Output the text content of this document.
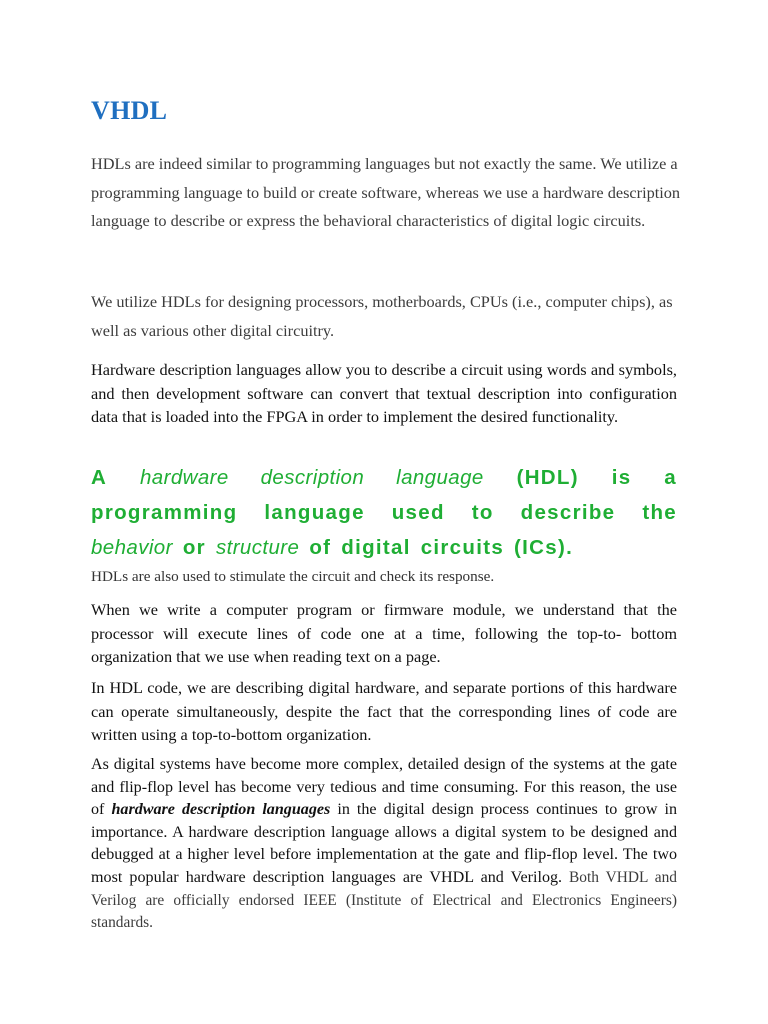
VHDL

HDLs are indeed similar to programming languages but not exactly the same. We utilize a programming language to build or create software, whereas we use a hardware description language to describe or express the behavioral characteristics of digital logic circuits.

We utilize HDLs for designing processors, motherboards, CPUs (i.e., computer chips), as well as various other digital circuitry.

Hardware description languages allow you to describe a circuit using words and symbols, and then development software can convert that textual description into configuration data that is loaded into the FPGA in order to implement the desired functionality.

A hardware description language (HDL) is a
programming language used to describe the
behavior or structure of digital circuits (ICs).

HDLs are also used to stimulate the circuit and check its response.

When we write a computer program or firmware module, we understand that the processor will execute lines of code one at a time, following the top-to- bottom organization that we use when reading text on a page.

In HDL code, we are describing digital hardware, and separate portions of this hardware can operate simultaneously, despite the fact that the corresponding lines of code are written using a top-to-bottom organization.

As digital systems have become more complex, detailed design of the systems at the gate and flip-flop level has become very tedious and time consuming. For this reason, the use of hardware description languages in the digital design process continues to grow in importance. A hardware description language allows a digital system to be designed and debugged at a higher level before implementation at the gate and flip-flop level. The two most popular hardware description languages are VHDL and Verilog. Both VHDL and Verilog are officially endorsed IEEE (Institute of Electrical and Electronics Engineers) standards.
